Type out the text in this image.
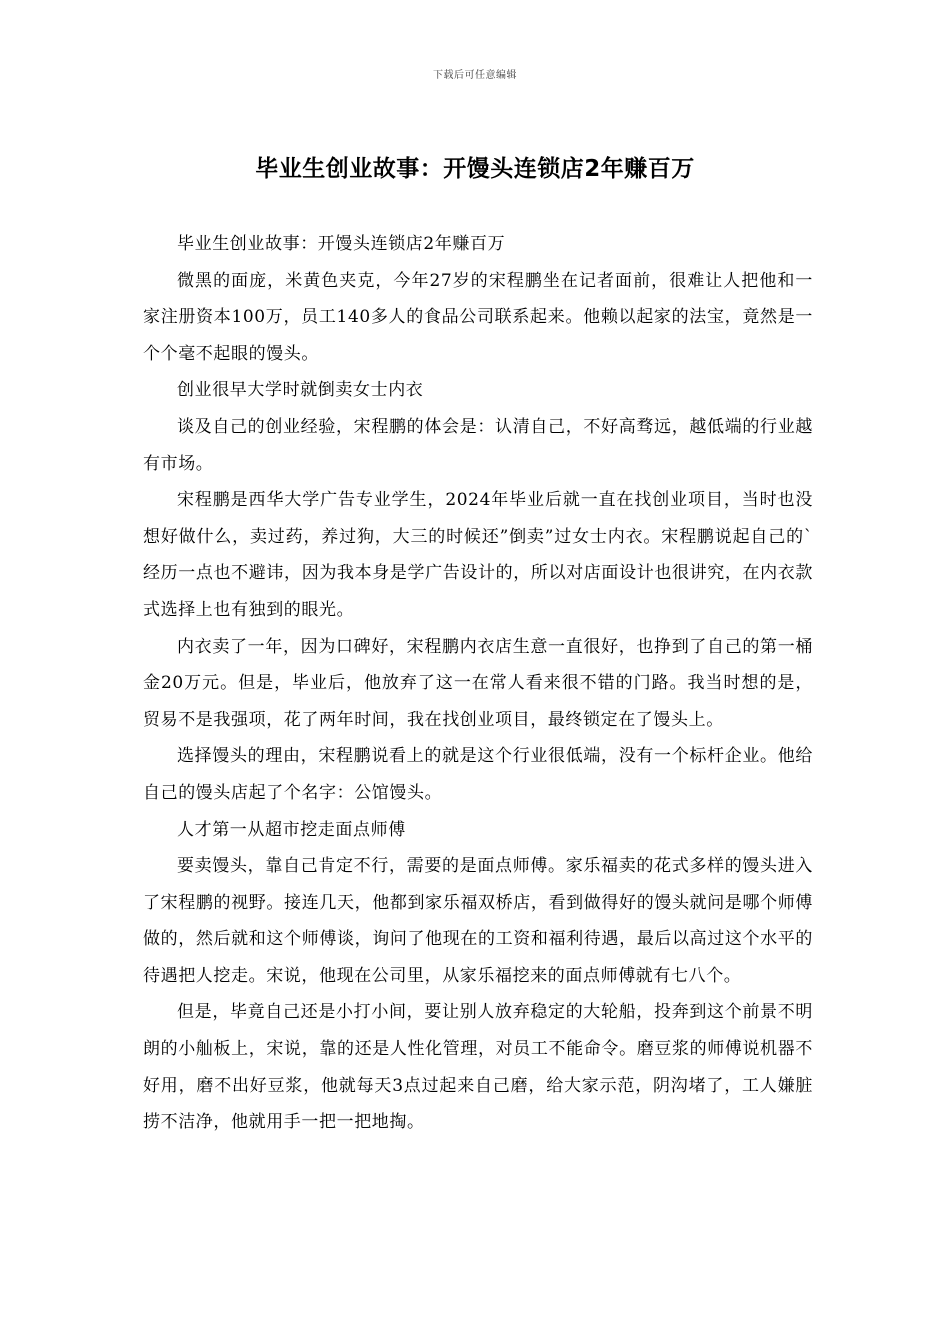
下载后可任意编辑
毕业生创业故事：开馒头连锁店2年赚百万

毕业生创业故事：开馒头连锁店2年赚百万

微黑的面庞，米黄色夹克，今年27岁的宋程鹏坐在记者面前，很难让人把他和一家注册资本100万，员工140多人的食品公司联系起来。他赖以起家的法宝，竟然是一个个毫不起眼的馒头。

创业很早大学时就倒卖女士内衣

谈及自己的创业经验，宋程鹏的体会是：认清自己，不好高骛远，越低端的行业越有市场。

宋程鹏是西华大学广告专业学生，2024年毕业后就一直在找创业项目，当时也没想好做什么，卖过药，养过狗，大三的时候还”倒卖”过女士内衣。宋程鹏说起自己的`经历一点也不避讳，因为我本身是学广告设计的，所以对店面设计也很讲究，在内衣款式选择上也有独到的眼光。

内衣卖了一年，因为口碑好，宋程鹏内衣店生意一直很好，也挣到了自己的第一桶金20万元。但是，毕业后，他放弃了这一在常人看来很不错的门路。我当时想的是，贸易不是我强项，花了两年时间，我在找创业项目，最终锁定在了馒头上。

选择馒头的理由，宋程鹏说看上的就是这个行业很低端，没有一个标杆企业。他给自己的馒头店起了个名字：公馆馒头。

人才第一从超市挖走面点师傅

要卖馒头，靠自己肯定不行，需要的是面点师傅。家乐福卖的花式多样的馒头进入了宋程鹏的视野。接连几天，他都到家乐福双桥店，看到做得好的馒头就问是哪个师傅做的，然后就和这个师傅谈，询问了他现在的工资和福利待遇，最后以高过这个水平的待遇把人挖走。宋说，他现在公司里，从家乐福挖来的面点师傅就有七八个。

但是，毕竟自己还是小打小间，要让别人放弃稳定的大轮船，投奔到这个前景不明朗的小舢板上，宋说，靠的还是人性化管理，对员工不能命令。磨豆浆的师傅说机器不好用，磨不出好豆浆，他就每天3点过起来自己磨，给大家示范，阴沟堵了，工人嫌脏捞不洁净，他就用手一把一把地掏。
